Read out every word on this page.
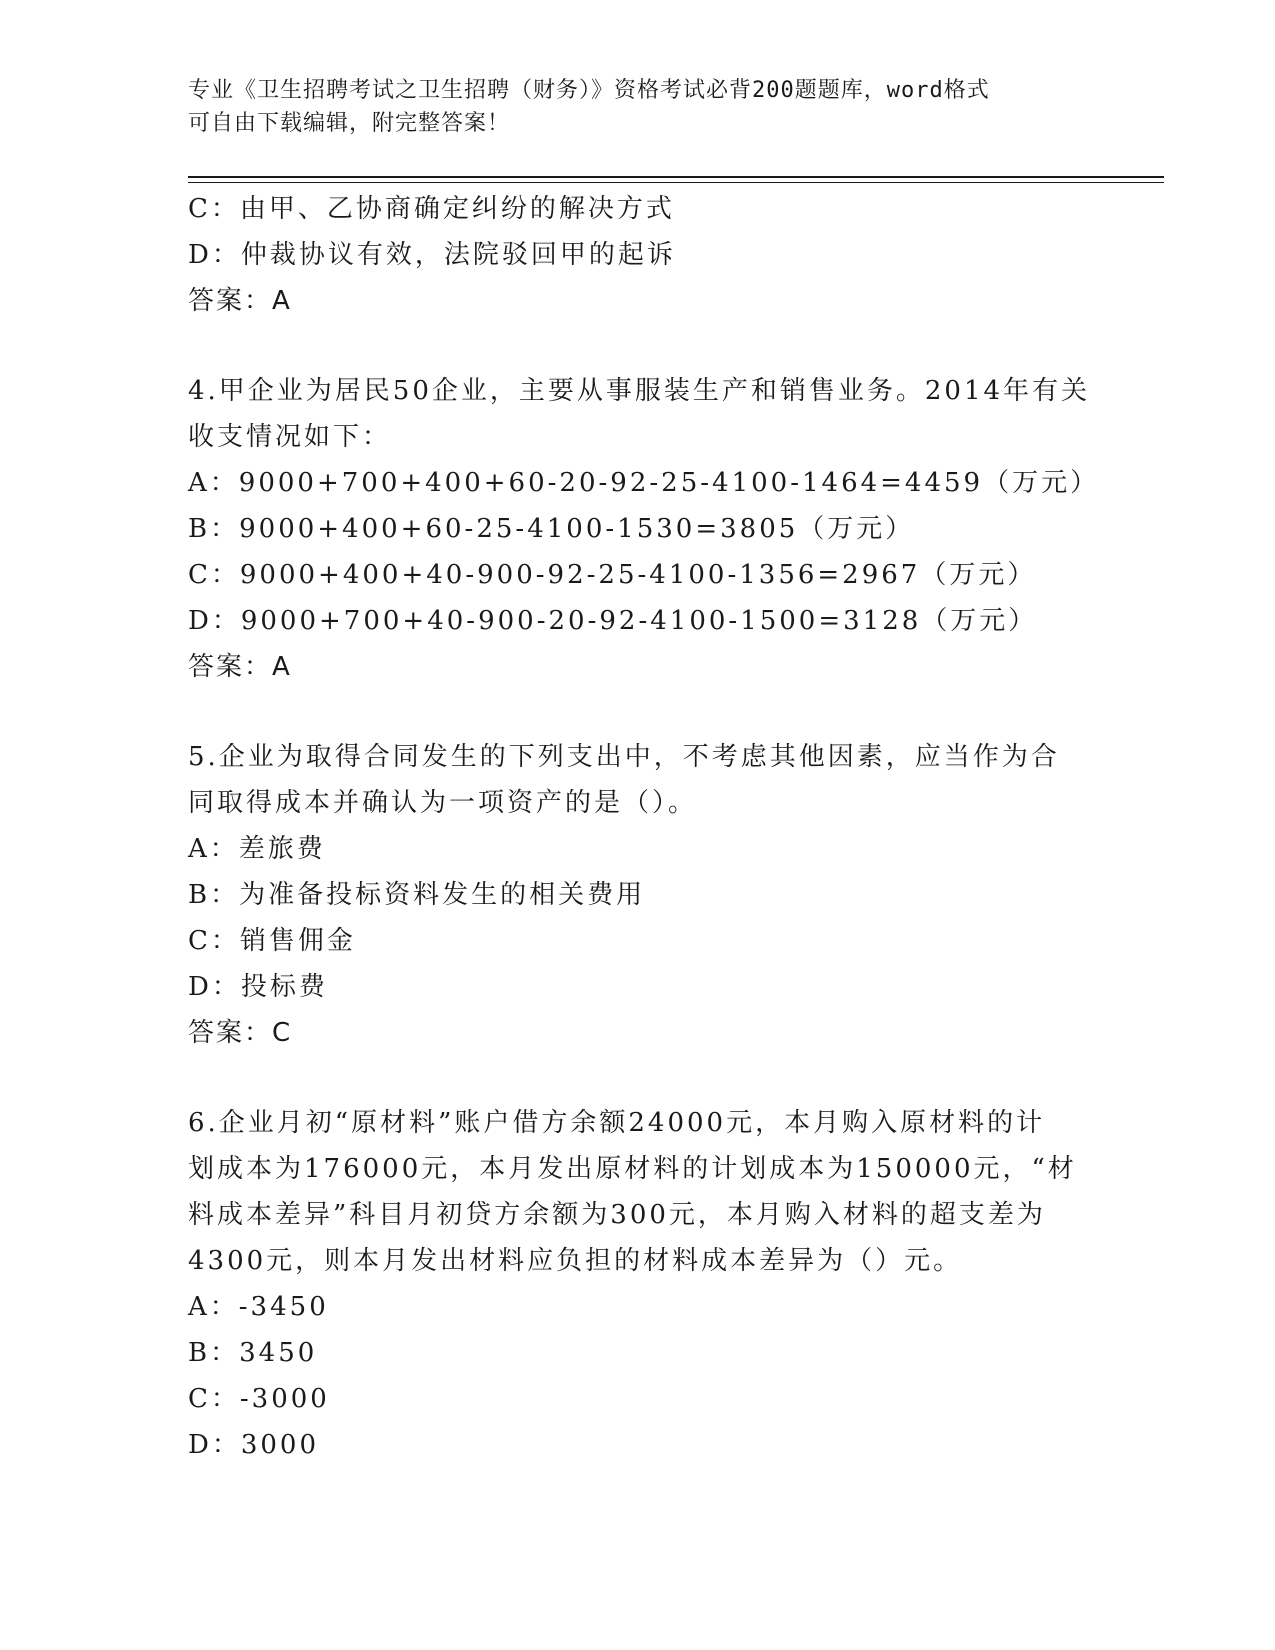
专业《卫生招聘考试之卫生招聘（财务）》资格考试必背200题题库，word格式
可自由下载编辑，附完整答案！
C：由甲、乙协商确定纠纷的解决方式
D：仲裁协议有效，法院驳回甲的起诉
答案：A
4.甲企业为居民50企业，主要从事服装生产和销售业务。2014年有关
收支情况如下：
A：9000+700+400+60-20-92-25-4100-1464=4459（万元）
B：9000+400+60-25-4100-1530=3805（万元）
C：9000+400+40-900-92-25-4100-1356=2967（万元）
D：9000+700+40-900-20-92-4100-1500=3128（万元）
答案：A
5.企业为取得合同发生的下列支出中，不考虑其他因素，应当作为合
同取得成本并确认为一项资产的是（）。
A：差旅费
B：为准备投标资料发生的相关费用
C：销售佣金
D：投标费
答案：C
6.企业月初“原材料”账户借方余额24000元，本月购入原材料的计
划成本为176000元，本月发出原材料的计划成本为150000元，“材
料成本差异”科目月初贷方余额为300元，本月购入材料的超支差为
4300元，则本月发出材料应负担的材料成本差异为（）元。
A：-3450
B：3450
C：-3000
D：3000
